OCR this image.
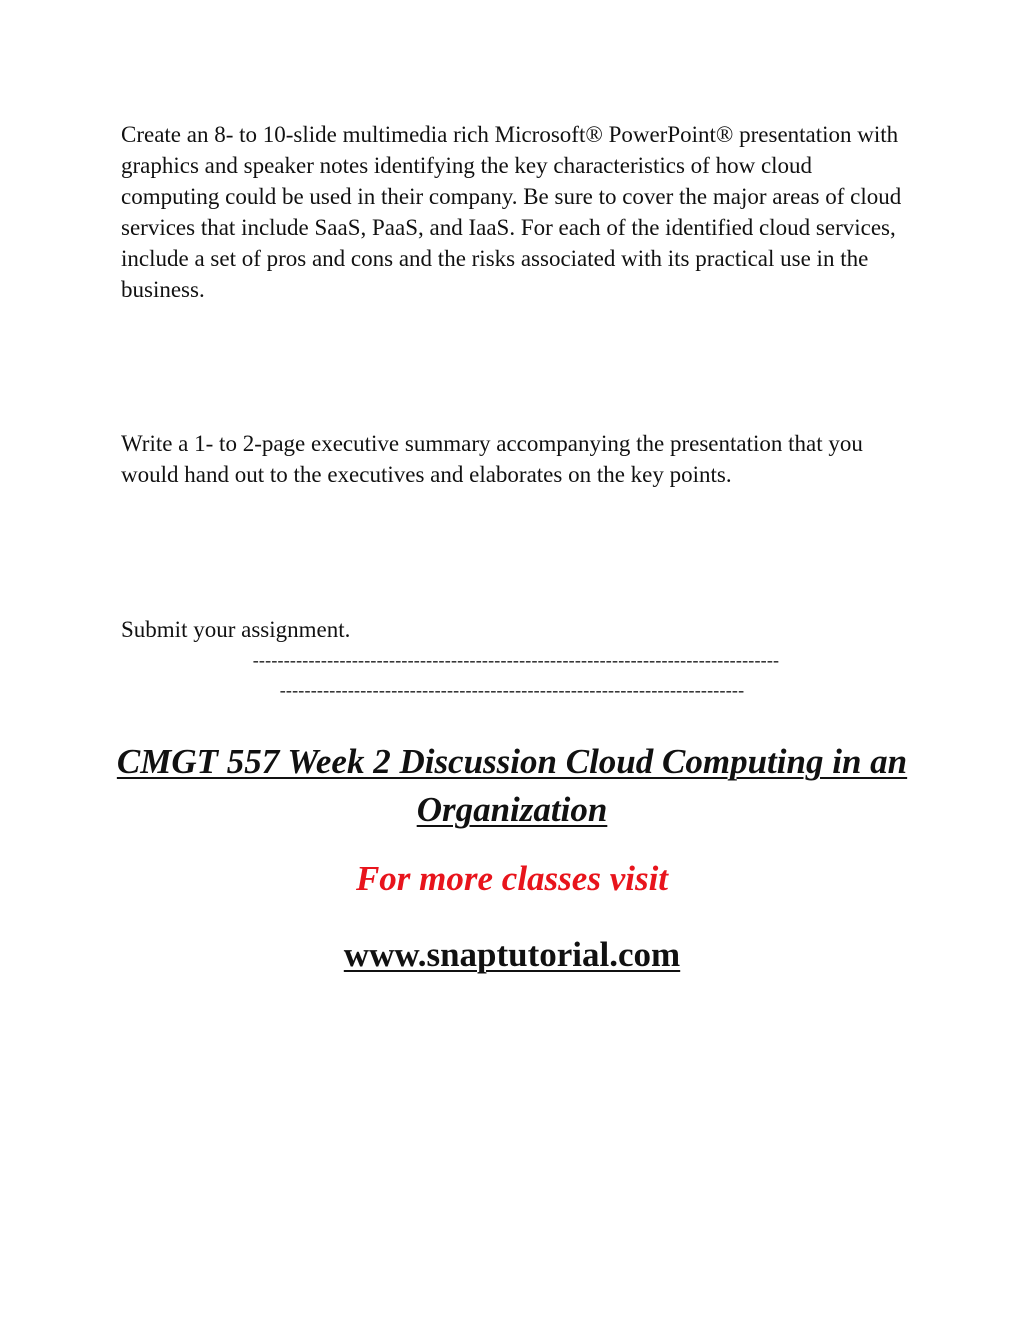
Create an 8- to 10-slide multimedia rich Microsoft® PowerPoint® presentation with graphics and speaker notes identifying the key characteristics of how cloud computing could be used in their company. Be sure to cover the major areas of cloud services that include SaaS, PaaS, and IaaS. For each of the identified cloud services, include a set of pros and cons and the risks associated with its practical use in the business.

Write a 1- to 2-page executive summary accompanying the presentation that you would hand out to the executives and elaborates on the key points.

Submit your assignment.

-------------------------------------------------------------------------------------
---------------------------------------------------------------------------
CMGT 557 Week 2 Discussion Cloud Computing in an Organization
For more classes visit
www.snaptutorial.com
